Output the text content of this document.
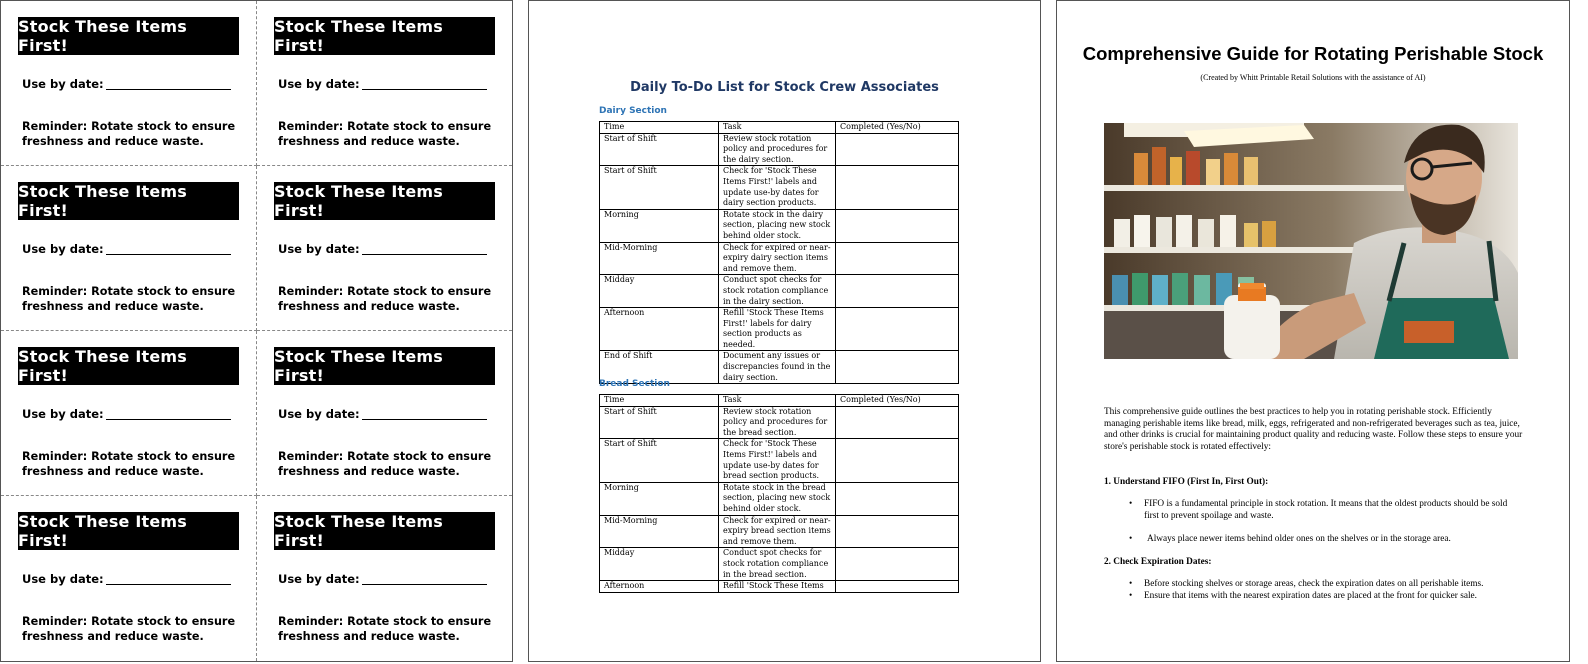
Stock These Items First!
Use by date:
Reminder: Rotate stock to ensure freshness and reduce waste.
Stock These Items First!
Use by date:
Reminder: Rotate stock to ensure freshness and reduce waste.
Stock These Items First!
Use by date:
Reminder: Rotate stock to ensure freshness and reduce waste.
Stock These Items First!
Use by date:
Reminder: Rotate stock to ensure freshness and reduce waste.
Stock These Items First!
Use by date:
Reminder: Rotate stock to ensure freshness and reduce waste.
Stock These Items First!
Use by date:
Reminder: Rotate stock to ensure freshness and reduce waste.
Stock These Items First!
Use by date:
Reminder: Rotate stock to ensure freshness and reduce waste.
Stock These Items First!
Use by date:
Reminder: Rotate stock to ensure freshness and reduce waste.
Daily To-Do List for Stock Crew Associates
Dairy Section
Time	Task	Completed (Yes/No)
Start of Shift	Review stock rotation policy and procedures for the dairy section.	
Start of Shift	Check for 'Stock These Items First!' labels and update use-by dates for dairy section products.	
Morning	Rotate stock in the dairy section, placing new stock behind older stock.	
Mid-Morning	Check for expired or near-expiry dairy section items and remove them.	
Midday	Conduct spot checks for stock rotation compliance in the dairy section.	
Afternoon	Refill 'Stock These Items First!' labels for dairy section products as needed.	
End of Shift	Document any issues or discrepancies found in the dairy section.	
Bread Section
Time	Task	Completed (Yes/No)
Start of Shift	Review stock rotation policy and procedures for the bread section.	
Start of Shift	Check for 'Stock These Items First!' labels and update use-by dates for bread section products.	
Morning	Rotate stock in the bread section, placing new stock behind older stock.	
Mid-Morning	Check for expired or near-expiry bread section items and remove them.	
Midday	Conduct spot checks for stock rotation compliance in the bread section.	
Afternoon	Refill 'Stock These Items	
Comprehensive Guide for Rotating Perishable Stock
(Created by Whitt Printable Retail Solutions with the assistance of AI)
This comprehensive guide outlines the best practices to help you in rotating perishable stock. Efficiently managing perishable items like bread, milk, eggs, refrigerated and non-refrigerated beverages such as tea, juice, and other drinks is crucial for maintaining product quality and reducing waste. Follow these steps to ensure your store's perishable stock is rotated effectively:
1. Understand FIFO (First In, First Out):
•	FIFO is a fundamental principle in stock rotation. It means that the oldest products should be sold first to prevent spoilage and waste.
•	Always place newer items behind older ones on the shelves or in the storage area.
2. Check Expiration Dates:
•	Before stocking shelves or storage areas, check the expiration dates on all perishable items.
•	Ensure that items with the nearest expiration dates are placed at the front for quicker sale.
